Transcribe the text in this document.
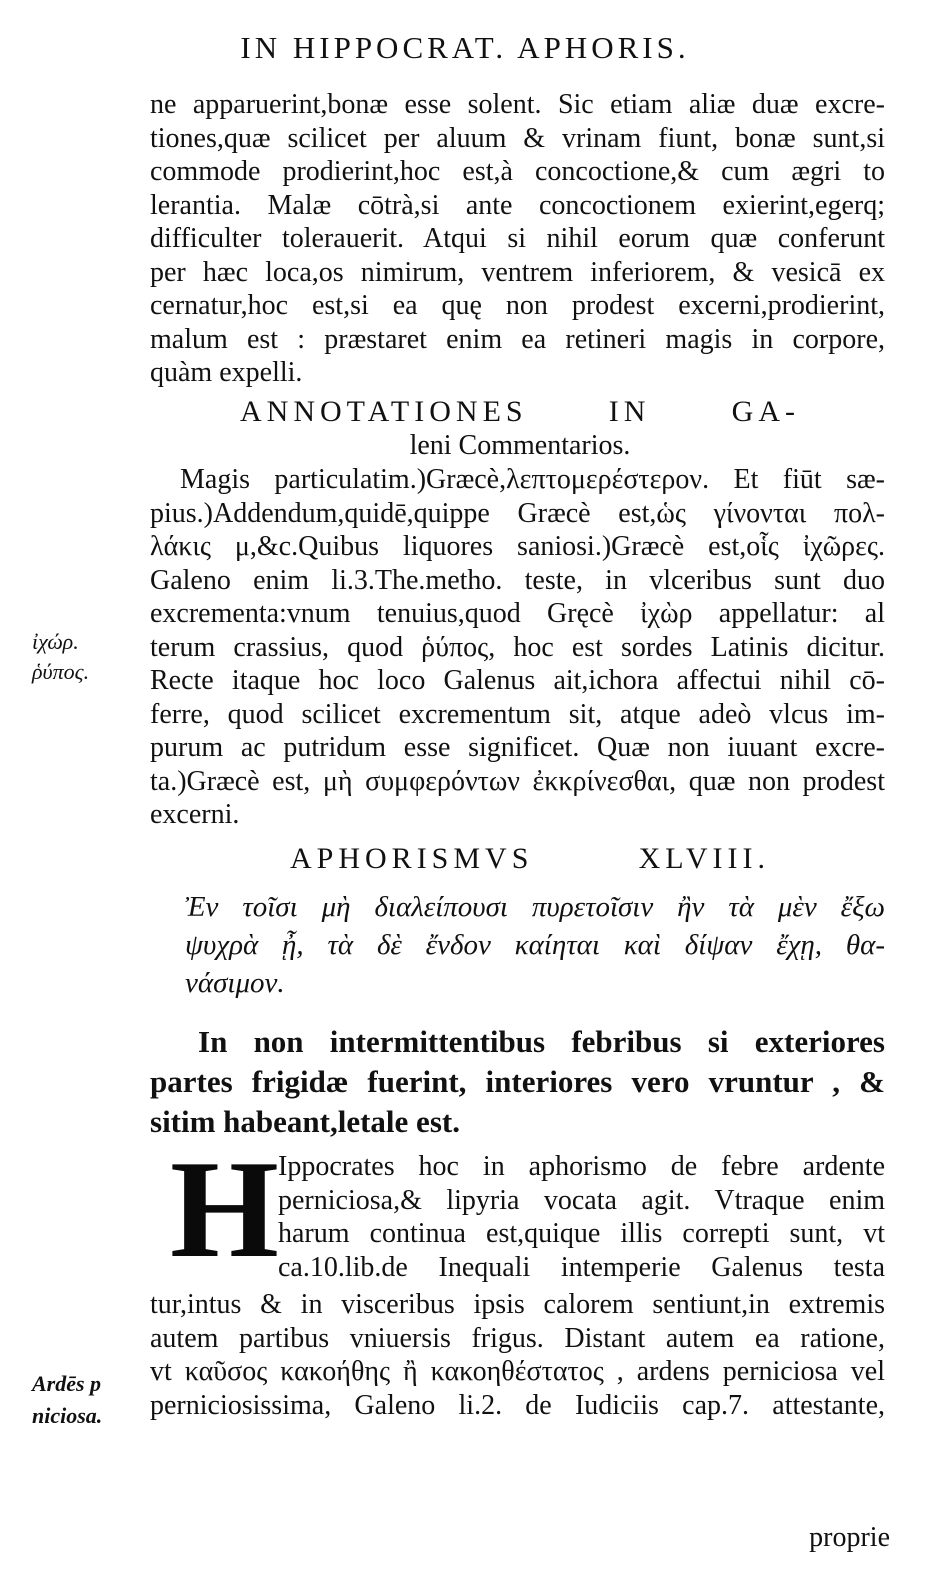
IN HIPPOCRAT. APHORIS.
ne apparuerint,bonæ esse solent. Sic etiam aliæ duæ excre-
tiones,quæ scilicet per aluum & vrinam fiunt, bonæ sunt,si
commode prodierint,hoc est,à concoctione,& cum ægri to
lerantia. Malæ cōtrà,si ante concoctionem exierint,egerq;
difficulter tolerauerit. Atqui si nihil eorum quæ conferunt
per hæc loca,os nimirum, ventrem inferiorem, & vesicā ex
cernatur,hoc est,si ea quę non prodest excerni,prodierint,
malum est : præstaret enim ea retineri magis in corpore,
quàm expelli.
ANNOTATIONES IN GA-
leni Commentarios.
Magis particulatim.)Græcè,λεπτομερέστερον. Et fiūt sæ-
pius.)Addendum,quidē,quippe Græcè est,ὡς γίνονται πολ-
λάκις μ,&c.Quibus liquores saniosi.)Græcè est,οἷς ἰχῶρες.
Galeno enim li.3.The.metho. teste, in vlceribus sunt duo
excrementa:vnum tenuius,quod Gręcè ἰχὼρ appellatur: al
terum crassius, quod ῥύπος, hoc est sordes Latinis dicitur.
Recte itaque hoc loco Galenus ait,ichora affectui nihil cō-
ferre, quod scilicet excrementum sit, atque adeò vlcus im-
purum ac putridum esse significet. Quæ non iuuant excre-
ta.)Græcè est, μὴ συμφερόντων ἐκκρίνεσθαι, quæ non prodest
excerni.
ἰχώρ.
ῥύπος.
APHORISMVS XLVIII.
Ἐν τοῖσι μὴ διαλείπουσι πυρετοῖσιν ἢν τὰ μὲν ἔξω
ψυχρὰ ᾖ, τὰ δὲ ἔνδον καίηται καὶ δίψαν ἔχῃ, θα-
νάσιμον.
In non intermittentibus febribus si exteriores
partes frigidæ fuerint, interiores vero vruntur , &
sitim habeant,letale est.
H Ippocrates hoc in aphorismo de febre ardente
perniciosa,& lipyria vocata agit. Vtraque enim
harum continua est,quique illis correpti sunt, vt
ca.10.lib.de Inequali intemperie Galenus testa
tur,intus & in visceribus ipsis calorem sentiunt,in extremis
autem partibus vniuersis frigus. Distant autem ea ratione,
vt καῦσος κακοήθης ἢ κακοηθέστατος , ardens perniciosa vel
perniciosissima, Galeno li.2. de Iudiciis cap.7. attestante,
Ardēs p
niciosa.
proprie
